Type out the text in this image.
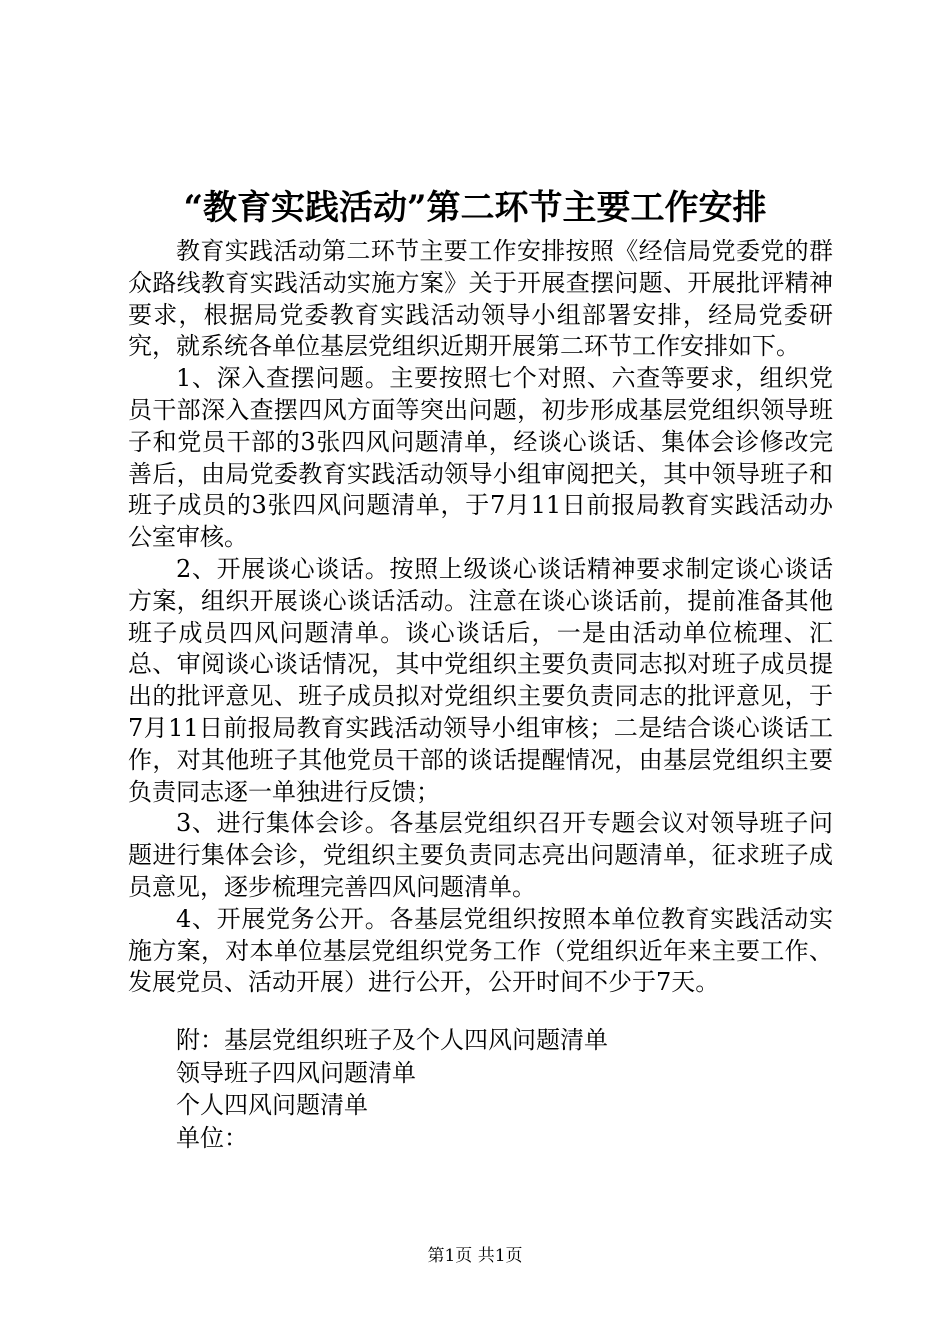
“教育实践活动”第二环节主要工作安排

教育实践活动第二环节主要工作安排按照《经信局党委党的群众路线教育实践活动实施方案》关于开展查摆问题、开展批评精神要求，根据局党委教育实践活动领导小组部署安排，经局党委研究，就系统各单位基层党组织近期开展第二环节工作安排如下。

1、深入查摆问题。主要按照七个对照、六查等要求，组织党员干部深入查摆四风方面等突出问题，初步形成基层党组织领导班子和党员干部的3张四风问题清单，经谈心谈话、集体会诊修改完善后，由局党委教育实践活动领导小组审阅把关，其中领导班子和班子成员的3张四风问题清单，于7月11日前报局教育实践活动办公室审核。

2、开展谈心谈话。按照上级谈心谈话精神要求制定谈心谈话方案，组织开展谈心谈话活动。注意在谈心谈话前，提前准备其他班子成员四风问题清单。谈心谈话后，一是由活动单位梳理、汇总、审阅谈心谈话情况，其中党组织主要负责同志拟对班子成员提出的批评意见、班子成员拟对党组织主要负责同志的批评意见，于7月11日前报局教育实践活动领导小组审核；二是结合谈心谈话工作，对其他班子其他党员干部的谈话提醒情况，由基层党组织主要负责同志逐一单独进行反馈；

3、进行集体会诊。各基层党组织召开专题会议对领导班子问题进行集体会诊，党组织主要负责同志亮出问题清单，征求班子成员意见，逐步梳理完善四风问题清单。

4、开展党务公开。各基层党组织按照本单位教育实践活动实施方案，对本单位基层党组织党务工作（党组织近年来主要工作、发展党员、活动开展）进行公开，公开时间不少于7天。

附：基层党组织班子及个人四风问题清单

领导班子四风问题清单

个人四风问题清单

单位：

第1页 共1页
